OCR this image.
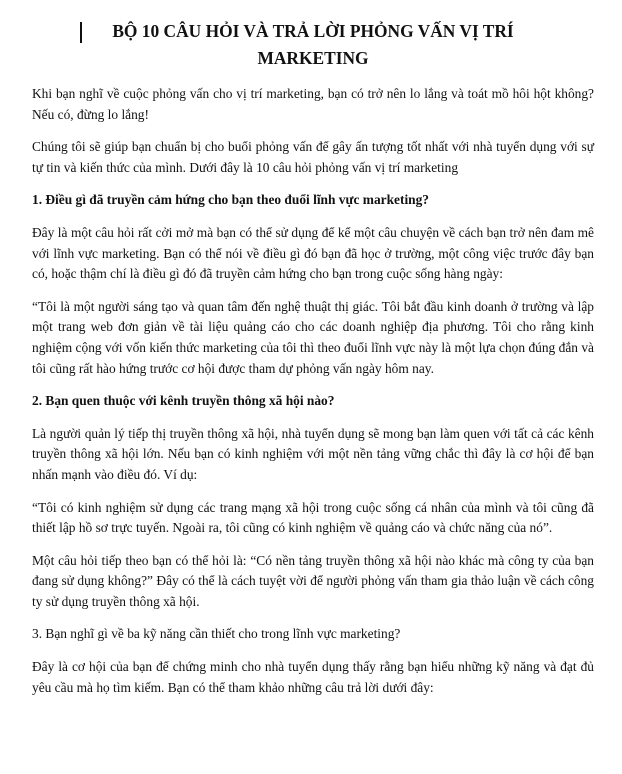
BỘ 10 CÂU HỎI VÀ TRẢ LỜI PHỎNG VẤN VỊ TRÍ
MARKETING

Khi bạn nghĩ về cuộc phỏng vấn cho vị trí marketing, bạn có trở nên lo lắng và toát mồ hôi hột không? Nếu có, đừng lo lắng!

Chúng tôi sẽ giúp bạn chuẩn bị cho buổi phỏng vấn để gây ấn tượng tốt nhất với nhà tuyển dụng với sự tự tin và kiến thức của mình. Dưới đây là 10 câu hỏi phỏng vấn vị trí marketing

1. Điều gì đã truyền cảm hứng cho bạn theo đuổi lĩnh vực marketing?

Đây là một câu hỏi rất cởi mở mà bạn có thể sử dụng để kể một câu chuyện về cách bạn trở nên đam mê với lĩnh vực marketing. Bạn có thể nói về điều gì đó bạn đã học ở trường, một công việc trước đây bạn có, hoặc thậm chí là điều gì đó đã truyền cảm hứng cho bạn trong cuộc sống hàng ngày:

“Tôi là một người sáng tạo và quan tâm đến nghệ thuật thị giác. Tôi bắt đầu kinh doanh ở trường và lập một trang web đơn giản về tài liệu quảng cáo cho các doanh nghiệp địa phương. Tôi cho rằng kinh nghiệm cộng với vốn kiến thức marketing của tôi thì theo đuổi lĩnh vực này là một lựa chọn đúng đắn và tôi cũng rất hào hứng trước cơ hội được tham dự phỏng vấn ngày hôm nay.

2. Bạn quen thuộc với kênh truyền thông xã hội nào?

Là người quản lý tiếp thị truyền thông xã hội, nhà tuyển dụng sẽ mong bạn làm quen với tất cả các kênh truyền thông xã hội lớn. Nếu bạn có kinh nghiệm với một nền tảng vững chắc thì đây là cơ hội để bạn nhấn mạnh vào điều đó. Ví dụ:

“Tôi có kinh nghiệm sử dụng các trang mạng xã hội trong cuộc sống cá nhân của mình và tôi cũng đã thiết lập hồ sơ trực tuyến. Ngoài ra, tôi cũng có kinh nghiệm về quảng cáo và chức năng của nó”.

Một câu hỏi tiếp theo bạn có thể hỏi là: “Có nền tảng truyền thông xã hội nào khác mà công ty của bạn đang sử dụng không?” Đây có thể là cách tuyệt vời để người phỏng vấn tham gia thảo luận về cách công ty sử dụng truyền thông xã hội.

3. Bạn nghĩ gì về ba kỹ năng cần thiết cho trong lĩnh vực marketing?

Đây là cơ hội của bạn để chứng minh cho nhà tuyển dụng thấy rằng bạn hiểu những kỹ năng và đạt đủ yêu cầu mà họ tìm kiếm. Bạn có thể tham khảo những câu trả lời dưới đây:
